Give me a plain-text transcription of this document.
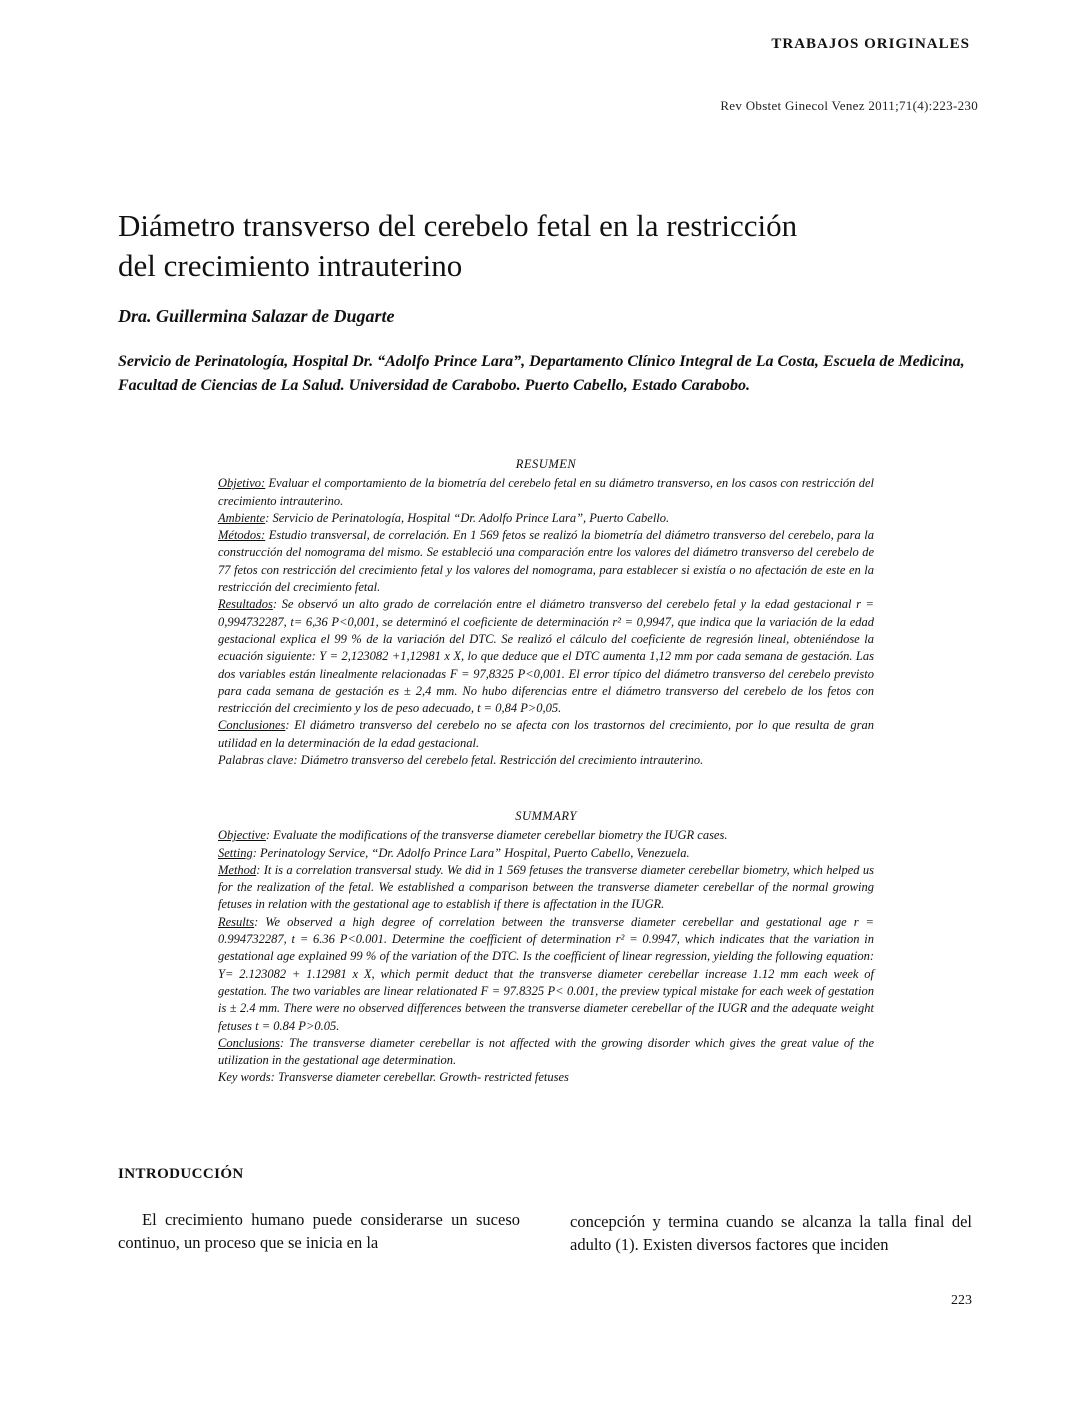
TRABAJOS ORIGINALES
Rev Obstet Ginecol Venez 2011;71(4):223-230
Diámetro transverso del cerebelo fetal en la restricción
del crecimiento intrauterino
Dra. Guillermina Salazar de Dugarte
Servicio de Perinatología, Hospital Dr. “Adolfo Prince Lara”, Departamento Clínico Integral de La Costa, Escuela de Medicina, Facultad de Ciencias de La Salud. Universidad de Carabobo. Puerto Cabello, Estado Carabobo.
RESUMEN

Objetivo: Evaluar el comportamiento de la biometría del cerebelo fetal en su diámetro transverso, en los casos con restricción del crecimiento intrauterino.

Ambiente: Servicio de Perinatología, Hospital “Dr. Adolfo Prince Lara”, Puerto Cabello.

Métodos: Estudio transversal, de correlación. En 1 569 fetos se realizó la biometría del diámetro transverso del cerebelo, para la construcción del nomograma del mismo. Se estableció una comparación entre los valores del diámetro transverso del cerebelo de 77 fetos con restricción del crecimiento fetal y los valores del nomograma, para establecer si existía o no afectación de este en la restricción del crecimiento fetal.

Resultados: Se observó un alto grado de correlación entre el diámetro transverso del cerebelo fetal y la edad gestacional r = 0,994732287, t= 6,36 P<0,001, se determinó el coeficiente de determinación r² = 0,9947, que indica que la variación de la edad gestacional explica el 99 % de la variación del DTC. Se realizó el cálculo del coeficiente de regresión lineal, obteniéndose la ecuación siguiente: Y = 2,123082 +1,12981 x X, lo que deduce que el DTC aumenta 1,12 mm por cada semana de gestación. Las dos variables están linealmente relacionadas F = 97,8325 P<0,001. El error típico del diámetro transverso del cerebelo previsto para cada semana de gestación es ± 2,4 mm. No hubo diferencias entre el diámetro transverso del cerebelo de los fetos con restricción del crecimiento y los de peso adecuado, t = 0,84 P>0,05.

Conclusiones: El diámetro transverso del cerebelo no se afecta con los trastornos del crecimiento, por lo que resulta de gran utilidad en la determinación de la edad gestacional.

Palabras clave: Diámetro transverso del cerebelo fetal. Restricción del crecimiento intrauterino.

SUMMARY

Objective: Evaluate the modifications of the transverse diameter cerebellar biometry the IUGR cases.

Setting: Perinatology Service, “Dr. Adolfo Prince Lara” Hospital, Puerto Cabello, Venezuela.

Method: It is a correlation transversal study. We did in 1 569 fetuses the transverse diameter cerebellar biometry, which helped us for the realization of the fetal. We established a comparison between the transverse diameter cerebellar of the normal growing fetuses in relation with the gestational age to establish if there is affectation in the IUGR.

Results: We observed a high degree of correlation between the transverse diameter cerebellar and gestational age r = 0.994732287, t = 6.36 P<0.001. Determine the coefficient of determination r² = 0.9947, which indicates that the variation in gestational age explained 99 % of the variation of the DTC. Is the coefficient of linear regression, yielding the following equation: Y= 2.123082 + 1.12981 x X, which permit deduct that the transverse diameter cerebellar increase 1.12 mm each week of gestation. The two variables are linear relationated F = 97.8325 P< 0.001, the preview typical mistake for each week of gestation is ± 2.4 mm. There were no observed differences between the transverse diameter cerebellar of the IUGR and the adequate weight fetuses t = 0.84 P>0.05.

Conclusions: The transverse diameter cerebellar is not affected with the growing disorder which gives the great value of the utilization in the gestational age determination.

Key words: Transverse diameter cerebellar. Growth- restricted fetuses

INTRODUCCIÓN

El crecimiento humano puede considerarse un suceso continuo, un proceso que se inicia en la

concepción y termina cuando se alcanza la talla final del adulto (1). Existen diversos factores que inciden

223
